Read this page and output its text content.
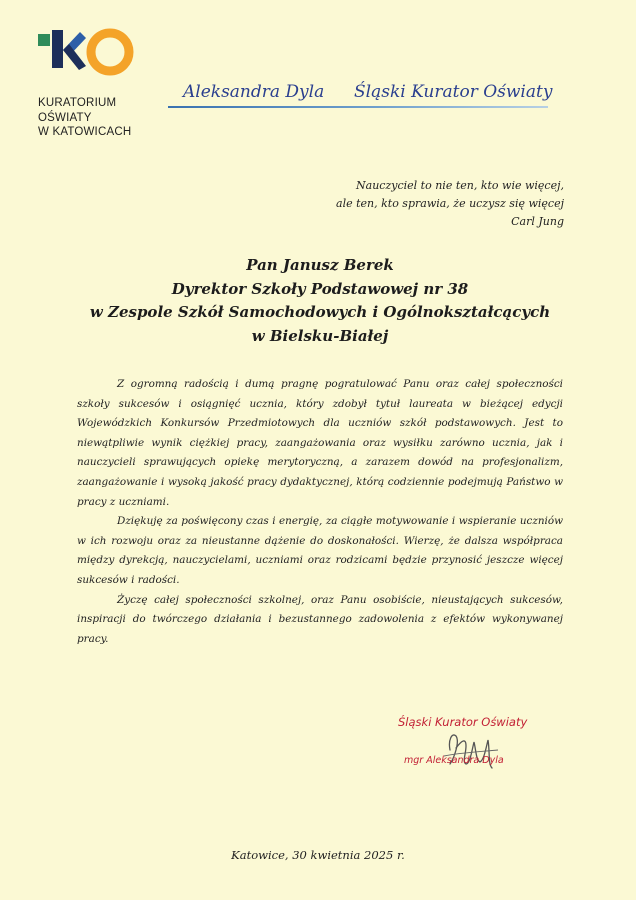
KURATORIUM
OŚWIATY
W KATOWICACH
Aleksandra Dyla Śląski Kurator Oświaty
Nauczyciel to nie ten, kto wie więcej,
ale ten, kto sprawia, że uczysz się więcej
Carl Jung
Pan Janusz Berek
Dyrektor Szkoły Podstawowej nr 38
w Zespole Szkół Samochodowych i Ogólnokształcących
w Bielsku-Białej

Z ogromną radością i dumą pragnę pogratulować Panu oraz całej społeczności szkoły sukcesów i osiągnięć ucznia, który zdobył tytuł laureata w bieżącej edycji Wojewódzkich Konkursów Przedmiotowych dla uczniów szkół podstawowych. Jest to niewątpliwie wynik ciężkiej pracy, zaangażowania oraz wysiłku zarówno ucznia, jak i nauczycieli sprawujących opiekę merytoryczną, a zarazem dowód na profesjonalizm, zaangażowanie i wysoką jakość pracy dydaktycznej, którą codziennie podejmują Państwo w pracy z uczniami.

Dziękuję za poświęcony czas i energię, za ciągłe motywowanie i wspieranie uczniów w ich rozwoju oraz za nieustanne dążenie do doskonałości. Wierzę, że dalsza współpraca między dyrekcją, nauczycielami, uczniami oraz rodzicami będzie przynosić jeszcze więcej sukcesów i radości.

Życzę całej społeczności szkolnej, oraz Panu osobiście, nieustających sukcesów, inspiracji do twórczego działania i bezustannego zadowolenia z efektów wykonywanej pracy.

Śląski Kurator Oświaty
mgr Aleksandra Dyla
Katowice, 30 kwietnia 2025 r.
